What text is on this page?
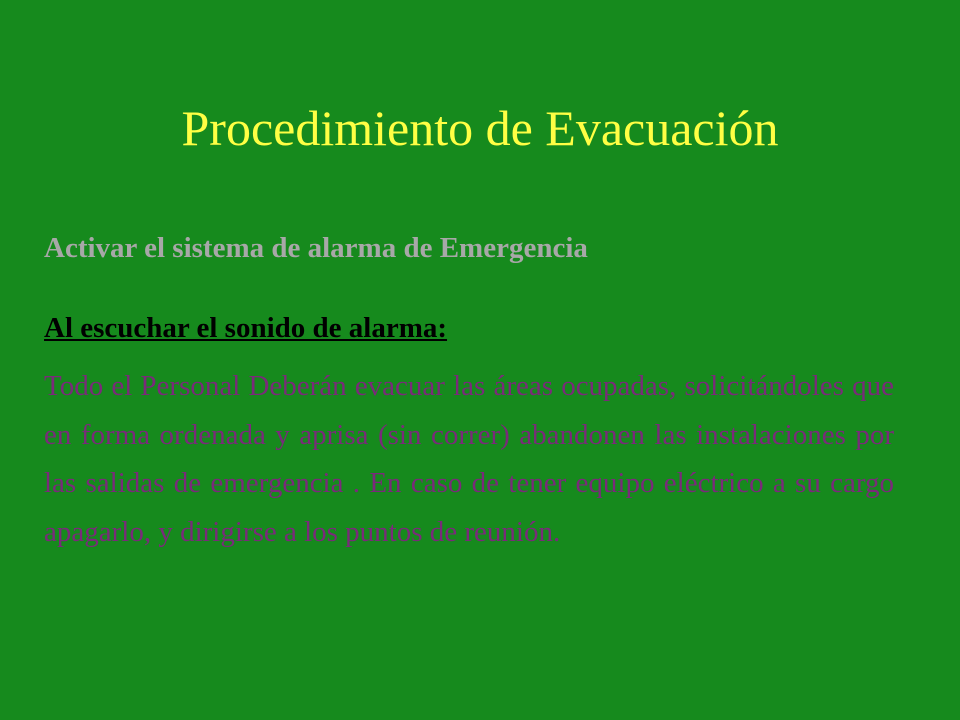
Procedimiento de Evacuación

Activar el sistema de alarma de Emergencia

Al escuchar el sonido de alarma:

Todo el Personal Deberán evacuar las áreas ocupadas, solicitándoles que en forma ordenada y aprisa (sin correr) abandonen las instalaciones por las salidas de emergencia . En caso de tener equipo eléctrico a su cargo apagarlo, y dirigirse a los puntos de reunión.
